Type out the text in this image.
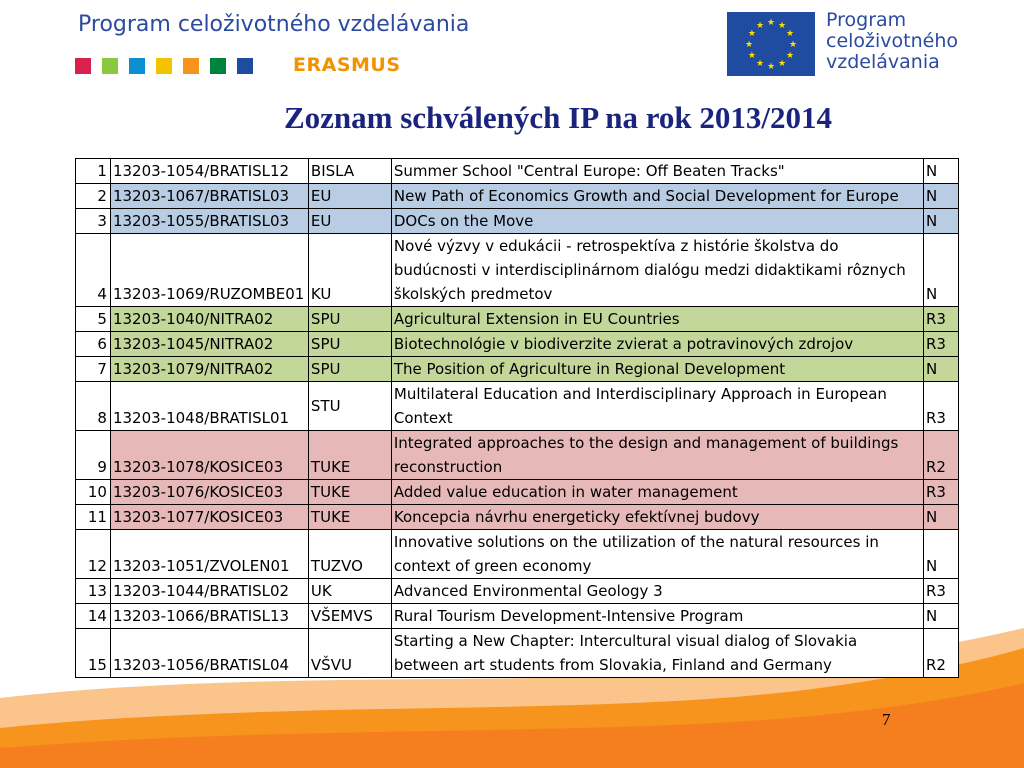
Program celoživotného vzdelávania
ERASMUS
★ ★
★
★
★
★
★
★
★
★
★
★	Program
celoživotného
vzdelávania
Zoznam schválených IP na rok 2013/2014
1	13203-1054/BRATISL12	BISLA	Summer School "Central Europe: Off Beaten Tracks"	N
2	13203-1067/BRATISL03	EU	New Path of Economics Growth and Social Development for Europe	N
3	13203-1055/BRATISL03	EU	DOCs on the Move	N
4	13203-1069/RUZOMBE01	KU	Nové výzvy v edukácii - retrospektíva z histórie školstva do budúcnosti v interdisciplinárnom dialógu medzi didaktikami rôznych školských predmetov	N
5	13203-1040/NITRA02	SPU	Agricultural Extension in EU Countries	R3
6	13203-1045/NITRA02	SPU	Biotechnológie v biodiverzite zvierat a potravinových zdrojov	R3
7	13203-1079/NITRA02	SPU	The Position of Agriculture in Regional Development	N
8	13203-1048/BRATISL01	STU	Multilateral Education and Interdisciplinary Approach in European Context	R3
9	13203-1078/KOSICE03	TUKE	Integrated approaches to the design and management of buildings reconstruction	R2
10	13203-1076/KOSICE03	TUKE	Added value education in water management	R3
11	13203-1077/KOSICE03	TUKE	Koncepcia návrhu energeticky efektívnej budovy	N
12	13203-1051/ZVOLEN01	TUZVO	Innovative solutions on the utilization of the natural resources in context of green economy	N
13	13203-1044/BRATISL02	UK	Advanced Environmental Geology 3	R3
14	13203-1066/BRATISL13	VŠEMVS	Rural Tourism Development-Intensive Program	N
15	13203-1056/BRATISL04	VŠVU	Starting a New Chapter: Intercultural visual dialog of Slovakia between art students from Slovakia, Finland and Germany	R2
7
